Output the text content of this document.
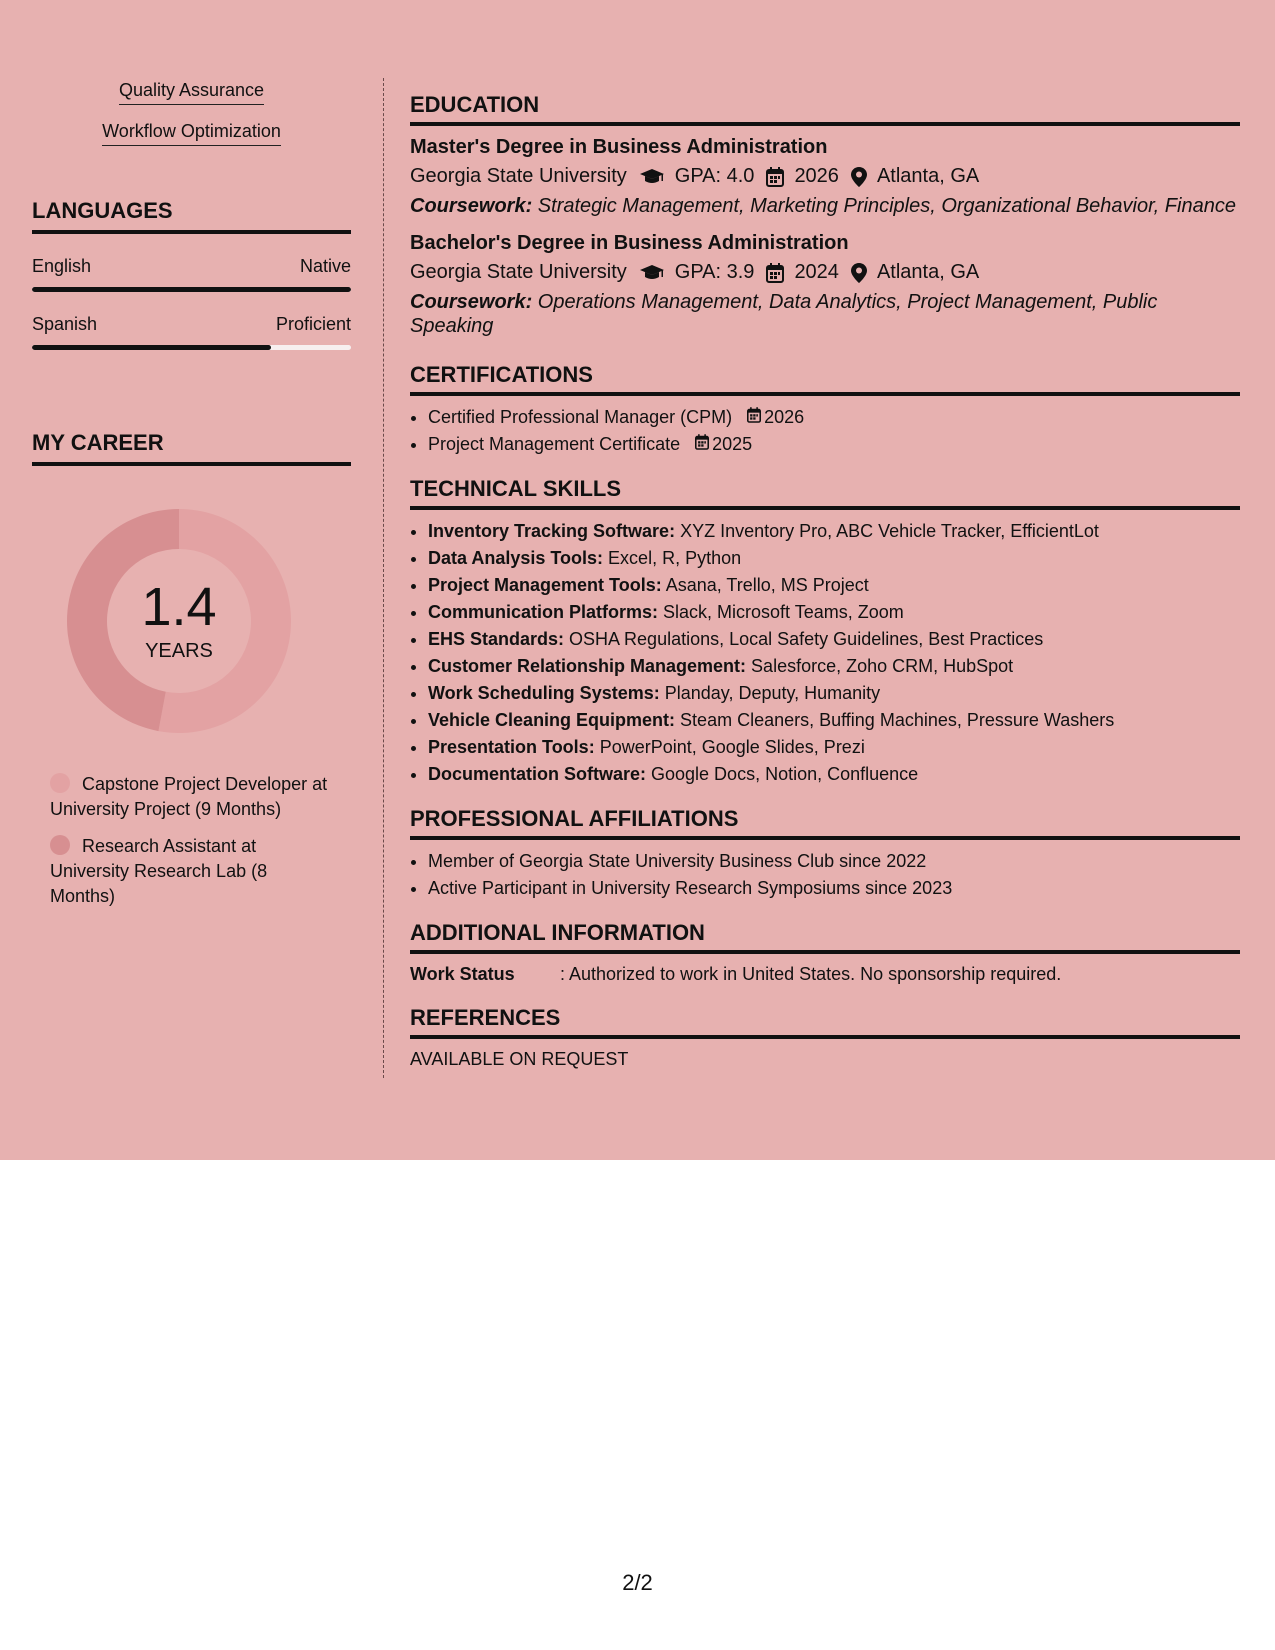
Quality Assurance
Workflow Optimization
LANGUAGES
English	Native
Spanish	Proficient
MY CAREER
1.4
YEARS
Capstone Project Developer at University Project (9 Months)
Research Assistant at University Research Lab (8 Months)
EDUCATION
Master's Degree in Business Administration
Georgia State University GPA: 4.0 2026 Atlanta, GA
Coursework: Strategic Management, Marketing Principles, Organizational Behavior, Finance
Bachelor's Degree in Business Administration
Georgia State University GPA: 3.9 2024 Atlanta, GA
Coursework: Operations Management, Data Analytics, Project Management, Public Speaking
CERTIFICATIONS
• Certified Professional Manager (CPM) 2026
• Project Management Certificate 2025
TECHNICAL SKILLS
• Inventory Tracking Software: XYZ Inventory Pro, ABC Vehicle Tracker, EfficientLot
• Data Analysis Tools: Excel, R, Python
• Project Management Tools: Asana, Trello, MS Project
• Communication Platforms: Slack, Microsoft Teams, Zoom
• EHS Standards: OSHA Regulations, Local Safety Guidelines, Best Practices
• Customer Relationship Management: Salesforce, Zoho CRM, HubSpot
• Work Scheduling Systems: Planday, Deputy, Humanity
• Vehicle Cleaning Equipment: Steam Cleaners, Buffing Machines, Pressure Washers
• Presentation Tools: PowerPoint, Google Slides, Prezi
• Documentation Software: Google Docs, Notion, Confluence
PROFESSIONAL AFFILIATIONS
• Member of Georgia State University Business Club since 2022
• Active Participant in University Research Symposiums since 2023
ADDITIONAL INFORMATION
Work Status	: Authorized to work in United States. No sponsorship required.
REFERENCES
AVAILABLE ON REQUEST
2/2
